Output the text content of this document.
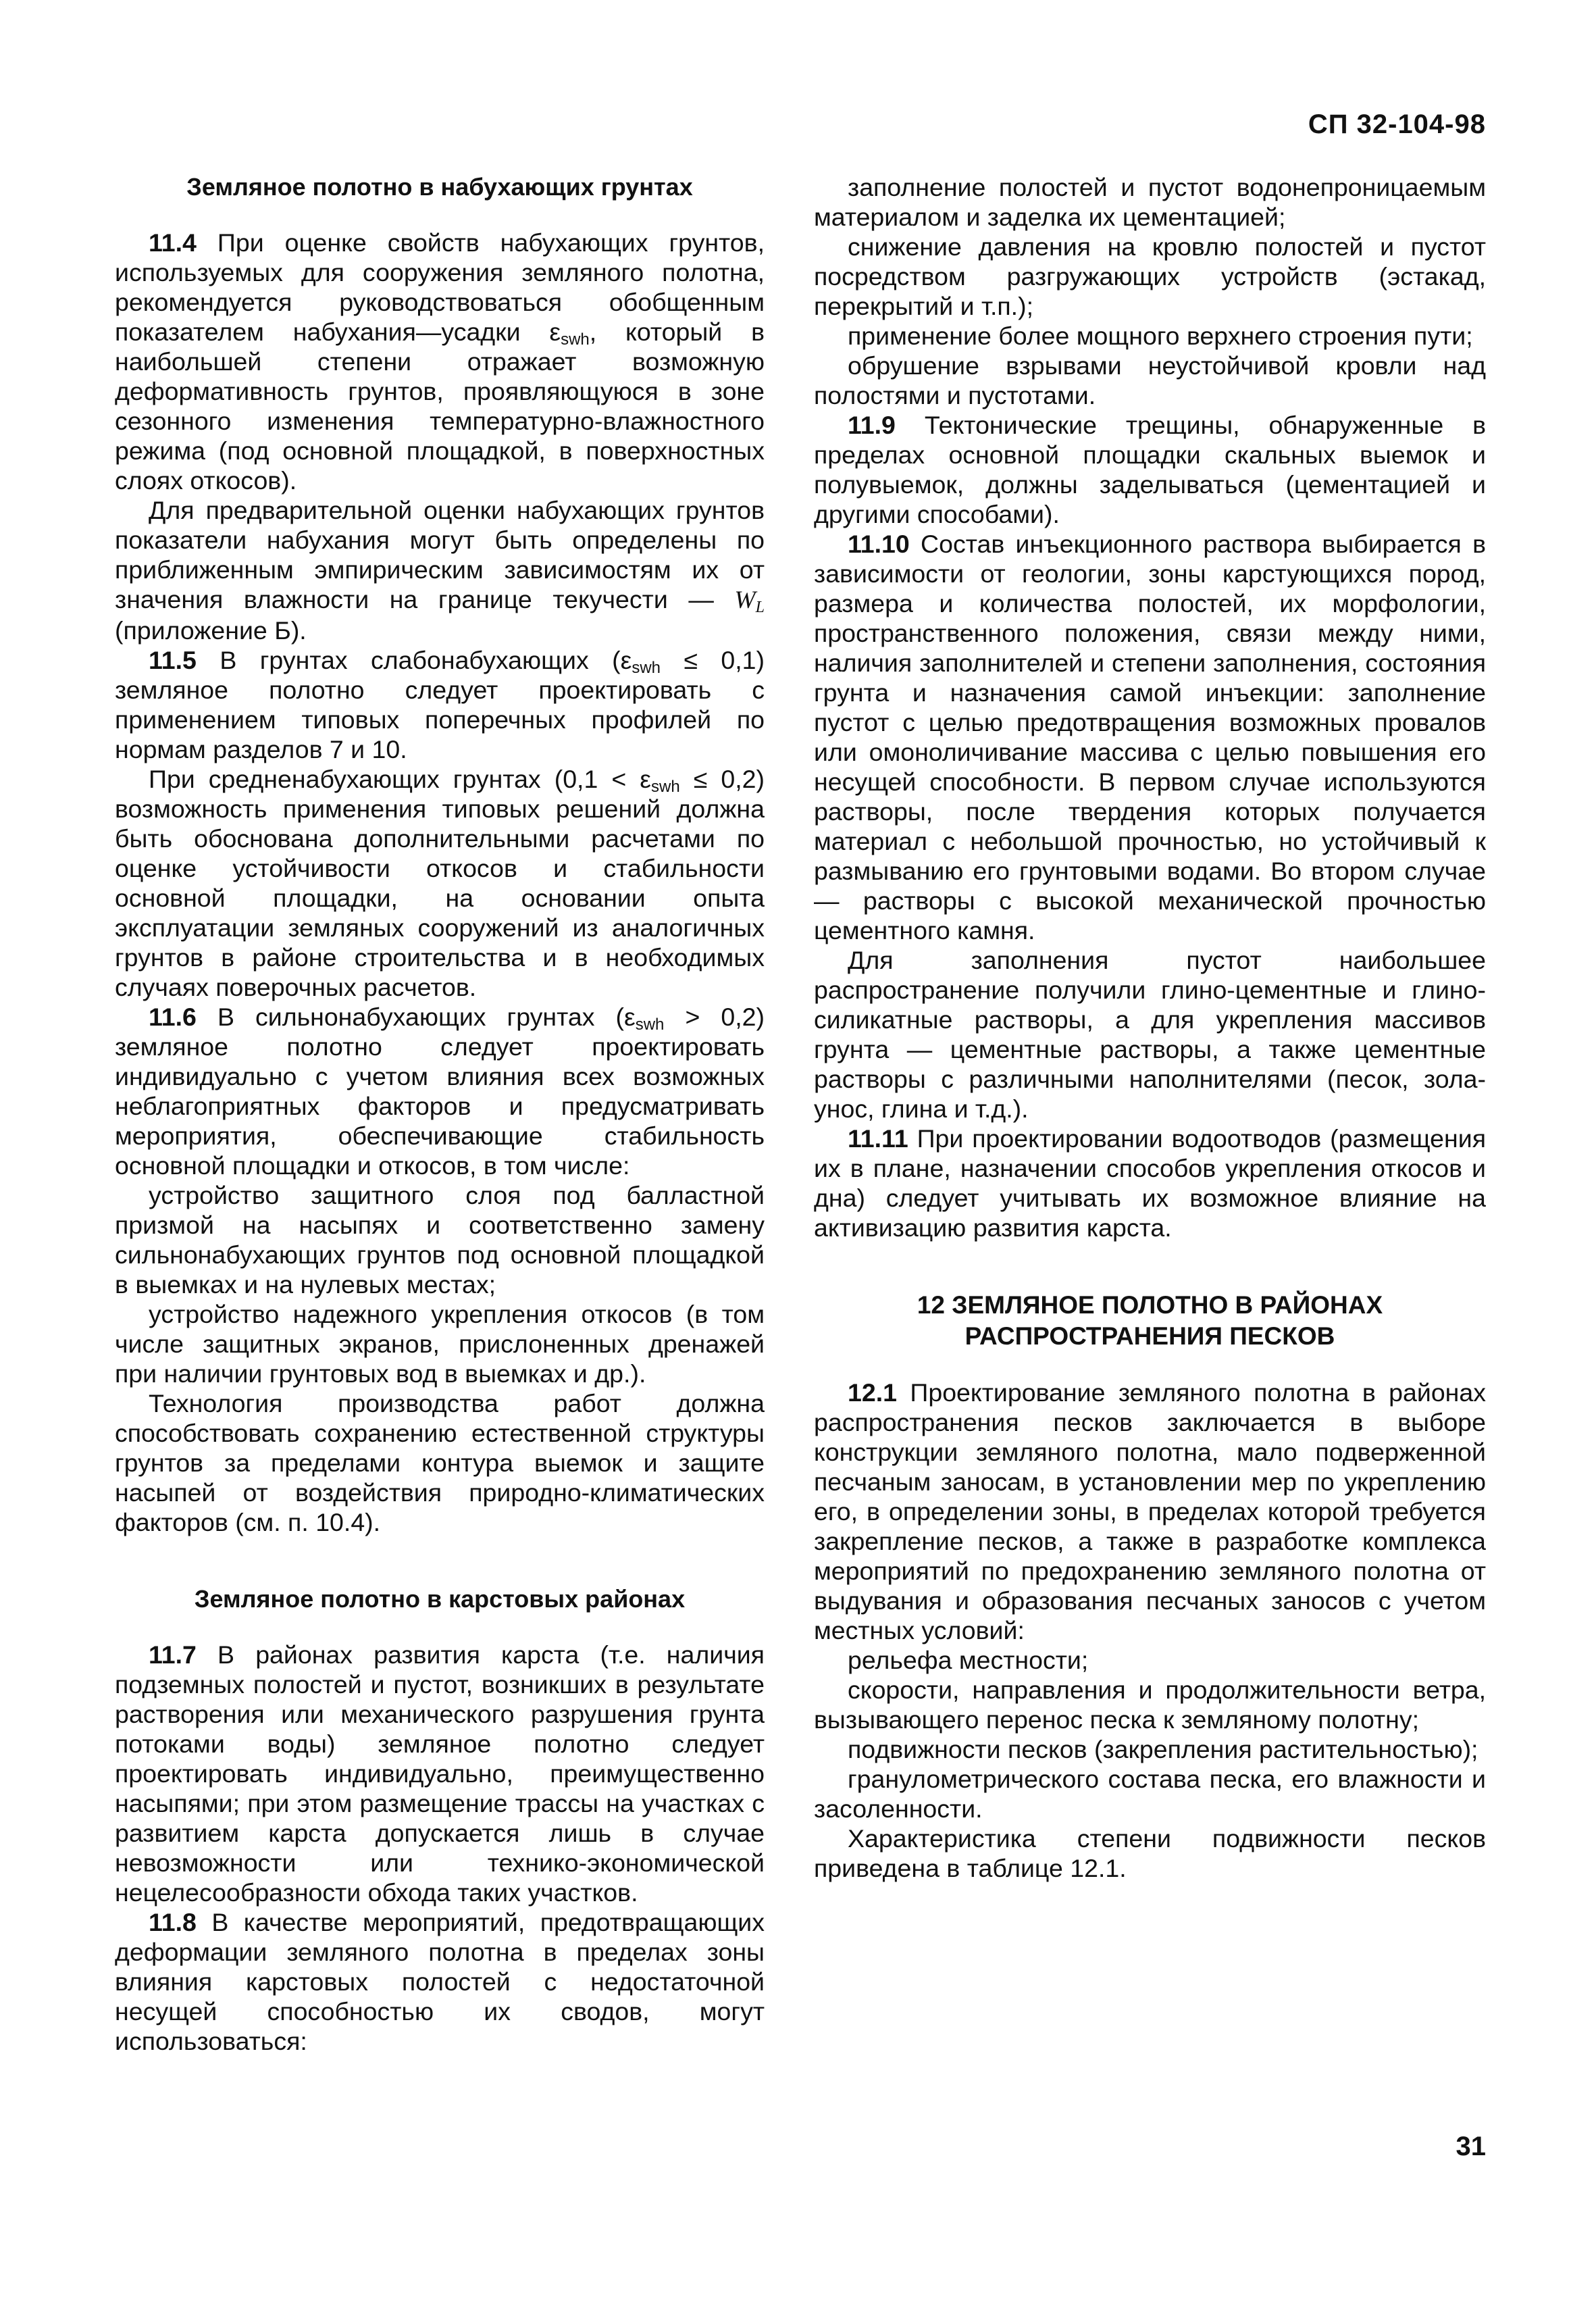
СП 32-104-98

Земляное полотно в набухающих грунтах

11.4 При оценке свойств набухающих грунтов, используемых для сооружения земляного полотна, рекомендуется руководствоваться обобщенным показателем набухания—усадки $\varepsilon_{swh}$, который в наибольшей степени отражает возможную деформативность грунтов, проявляющуюся в зоне сезонного изменения температурно-влажностного режима (под основной площадкой, в поверхностных слоях откосов).

Для предварительной оценки набухающих грунтов показатели набухания могут быть определены по приближенным эмпирическим зависимостям их от значения влажности на границе текучести — $W_L$ (приложение Б).

11.5 В грунтах слабонабухающих $(\varepsilon_{swh} \le 0,1)$ земляное полотно следует проектировать с применением типовых поперечных профилей по нормам разделов 7 и 10.

При средненабухающих грунтах $(0,1 < \varepsilon_{swh} \le 0,2)$ возможность применения типовых решений должна быть обоснована дополнительными расчетами по оценке устойчивости откосов и стабильности основной площадки, на основании опыта эксплуатации земляных сооружений из аналогичных грунтов в районе строительства и в необходимых случаях поверочных расчетов.

11.6 В сильнонабухающих грунтах $(\varepsilon_{swh} > 0,2)$ земляное полотно следует проектировать индивидуально с учетом влияния всех возможных неблагоприятных факторов и предусматривать мероприятия, обеспечивающие стабильность основной площадки и откосов, в том числе:

устройство защитного слоя под балластной призмой на насыпях и соответственно замену сильнонабухающих грунтов под основной площадкой в выемках и на нулевых местах;

устройство надежного укрепления откосов (в том числе защитных экранов, прислоненных дренажей при наличии грунтовых вод в выемках и др.).

Технология производства работ должна способствовать сохранению естественной структуры грунтов за пределами контура выемок и защите насыпей от воздействия природно-климатических факторов (см. п. 10.4).

Земляное полотно в карстовых районах

11.7 В районах развития карста (т.е. наличия подземных полостей и пустот, возникших в результате растворения или механического разрушения грунта потоками воды) земляное полотно следует проектировать индивидуально, преимущественно насыпями; при этом размещение трассы на участках с развитием карста допускается лишь в случае невозможности или технико-экономической нецелесообразности обхода таких участков.

11.8 В качестве мероприятий, предотвращающих деформации земляного полотна в пределах зоны влияния карстовых полостей с недостаточной несущей способностью их сводов, могут использоваться:

заполнение полостей и пустот водонепроницаемым материалом и заделка их цементацией;

снижение давления на кровлю полостей и пустот посредством разгружающих устройств (эстакад, перекрытий и т.п.);

применение более мощного верхнего строения пути;

обрушение взрывами неустойчивой кровли над полостями и пустотами.

11.9 Тектонические трещины, обнаруженные в пределах основной площадки скальных выемок и полувыемок, должны заделываться (цементацией и другими способами).

11.10 Состав инъекционного раствора выбирается в зависимости от геологии, зоны карстующихся пород, размера и количества полостей, их морфологии, пространственного положения, связи между ними, наличия заполнителей и степени заполнения, состояния грунта и назначения самой инъекции: заполнение пустот с целью предотвращения возможных провалов или омоноличивание массива с целью повышения его несущей способности. В первом случае используются растворы, после твердения которых получается материал с небольшой прочностью, но устойчивый к размыванию его грунтовыми водами. Во втором случае — растворы с высокой механической прочностью цементного камня.

Для заполнения пустот наибольшее распространение получили глино-цементные и глино-силикатные растворы, а для укрепления массивов грунта — цементные растворы, а также цементные растворы с различными наполнителями (песок, зола-унос, глина и т.д.).

11.11 При проектировании водоотводов (размещения их в плане, назначении способов укрепления откосов и дна) следует учитывать их возможное влияние на активизацию развития карста.

12 ЗЕМЛЯНОЕ ПОЛОТНО В РАЙОНАХ
РАСПРОСТРАНЕНИЯ ПЕСКОВ

12.1 Проектирование земляного полотна в районах распространения песков заключается в выборе конструкции земляного полотна, мало подверженной песчаным заносам, в установлении мер по укреплению его, в определении зоны, в пределах которой требуется закрепление песков, а также в разработке комплекса мероприятий по предохранению земляного полотна от выдувания и образования песчаных заносов с учетом местных условий:

рельефа местности;

скорости, направления и продолжительности ветра, вызывающего перенос песка к земляному полотну;

подвижности песков (закрепления растительностью);

гранулометрического состава песка, его влажности и засоленности.

Характеристика степени подвижности песков приведена в таблице 12.1.

31
